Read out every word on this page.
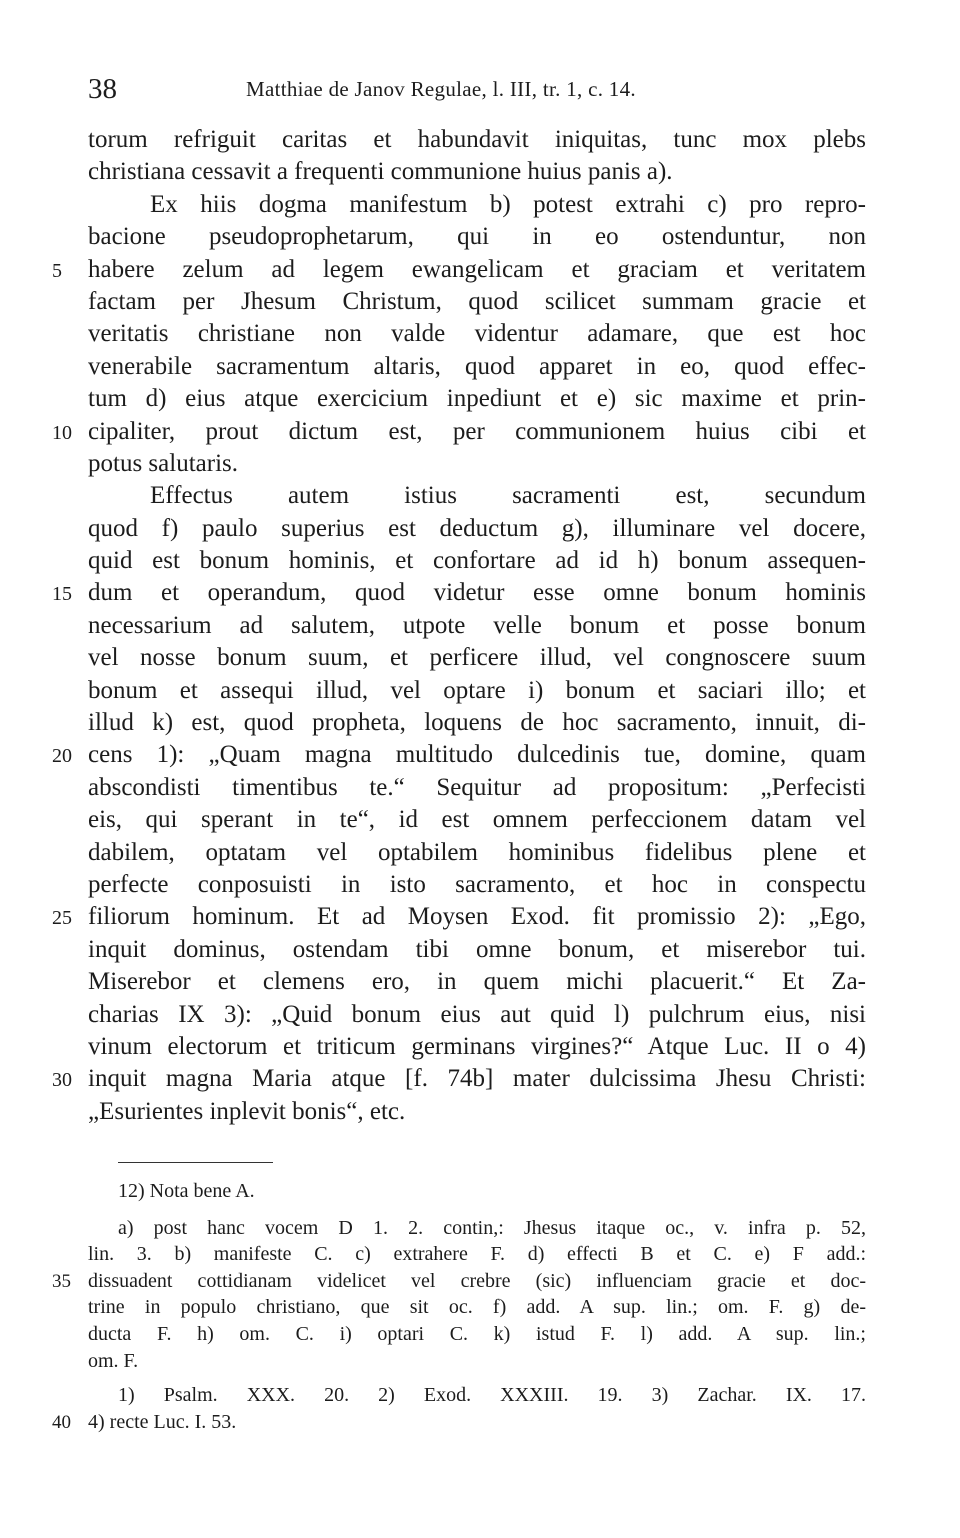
38	Matthiae de Janov Regulae, l. III, tr. 1, c. 14.
torum refriguit caritas et habundavit iniquitas, tunc mox plebs
christiana cessavit a frequenti communione huius panis a).
Ex hiis dogma manifestum b) potest extrahi c) pro repro-
bacione pseudoprophetarum, qui in eo ostenduntur, non
5	habere zelum ad legem ewangelicam et graciam et veritatem
factam per Jhesum Christum, quod scilicet summam gracie et
veritatis christiane non valde videntur adamare, que est hoc
venerabile sacramentum altaris, quod apparet in eo, quod effec-
tum d) eius atque exercicium inpediunt et e) sic maxime et prin-
10 cipaliter, prout dictum est, per communionem huius cibi et
potus salutaris.
Effectus autem istius sacramenti est, secundum
quod f) paulo superius est deductum g), illuminare vel docere,
quid est bonum hominis, et confortare ad id h) bonum assequen-
15 dum et operandum, quod videtur esse omne bonum hominis
necessarium ad salutem, utpote velle bonum et posse bonum
vel nosse bonum suum, et perficere illud, vel congnoscere suum
bonum et assequi illud, vel optare i) bonum et saciari illo; et
illud k) est, quod propheta, loquens de hoc sacramento, innuit, di-
20 cens 1): „Quam magna multitudo dulcedinis tue, domine, quam
abscondisti timentibus te.“ Sequitur ad propositum: „Perfecisti
eis, qui sperant in te“, id est omnem perfeccionem datam vel
dabilem, optatam vel optabilem hominibus fidelibus plene et
perfecte conposuisti in isto sacramento, et hoc in conspectu
25 filiorum hominum. Et ad Moysen Exod. fit promissio 2): „Ego,
inquit dominus, ostendam tibi omne bonum, et miserebor tui.
Miserebor et clemens ero, in quem michi placuerit.“ Et Za-
charias IX 3): „Quid bonum eius aut quid l) pulchrum eius, nisi
vinum electorum et triticum germinans virgines?“ Atque Luc. II o 4)
30 inquit magna Maria atque [f. 74b] mater dulcissima Jhesu Christi:
„Esurientes inplevit bonis“, etc.
12) Nota bene A.
a) post hanc vocem D 1. 2. contin,: Jhesus itaque oc., v. infra p. 52,
lin. 3. b) manifeste C. c) extrahere F. d) effecti B et C. e) F add.:
35 dissuadent cottidianam videlicet vel crebre (sic) influenciam gracie et doc-
trine in populo christiano, que sit oc. f) add. A sup. lin.; om. F. g) de-
ducta F. h) om. C. i) optari C. k) istud F. l) add. A sup. lin.;
om. F.
1) Psalm. XXX. 20. 2) Exod. XXXIII. 19. 3) Zachar. IX. 17.
40 4) recte Luc. I. 53.
